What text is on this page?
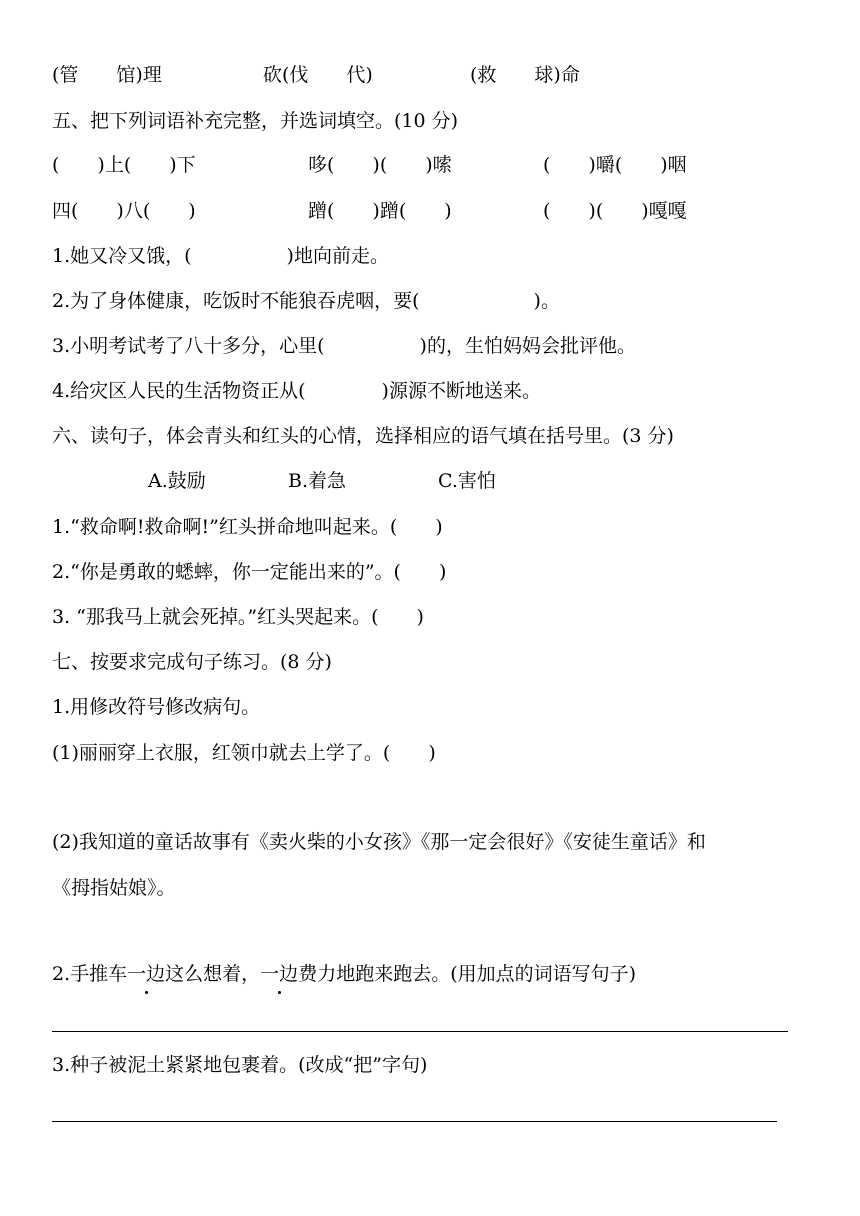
(管　　馆)理	砍(伐　　代)	(救　　球)命
五、把下列词语补充完整，并选词填空。(10 分)
(　　)上(　　)下	哆(　　)(　　)嗦	(　　)嚼(　　)咽
四(　　)八(　　)	蹭(　　)蹭(　　)	(　　)(　　)嘎嘎
1.她又冷又饿，(　　　　　)地向前走。
2.为了身体健康，吃饭时不能狼吞虎咽，要(　　　　　　)。
3.小明考试考了八十多分，心里(　　　　　)的，生怕妈妈会批评他。
4.给灾区人民的生活物资正从(　　　　)源源不断地送来。
六、读句子，体会青头和红头的心情，选择相应的语气填在括号里。(3 分)
A.鼓励	B.着急	C.害怕
1.“救命啊!救命啊!”红头拼命地叫起来。(　　)
2.“你是勇敢的蟋蟀，你一定能出来的”。(　　)
3. “那我马上就会死掉。”红头哭起来。(　　)
七、按要求完成句子练习。(8 分)
1.用修改符号修改病句。
(1)丽丽穿上衣服，红领巾就去上学了。(　　)
(2)我知道的童话故事有《卖火柴的小女孩》《那一定会很好》《安徒生童话》和
《拇指姑娘》。
2.手推车一边这么想着，一边费力地跑来跑去。(用加点的词语写句子)
3.种子被泥土紧紧地包裹着。(改成“把”字句)
